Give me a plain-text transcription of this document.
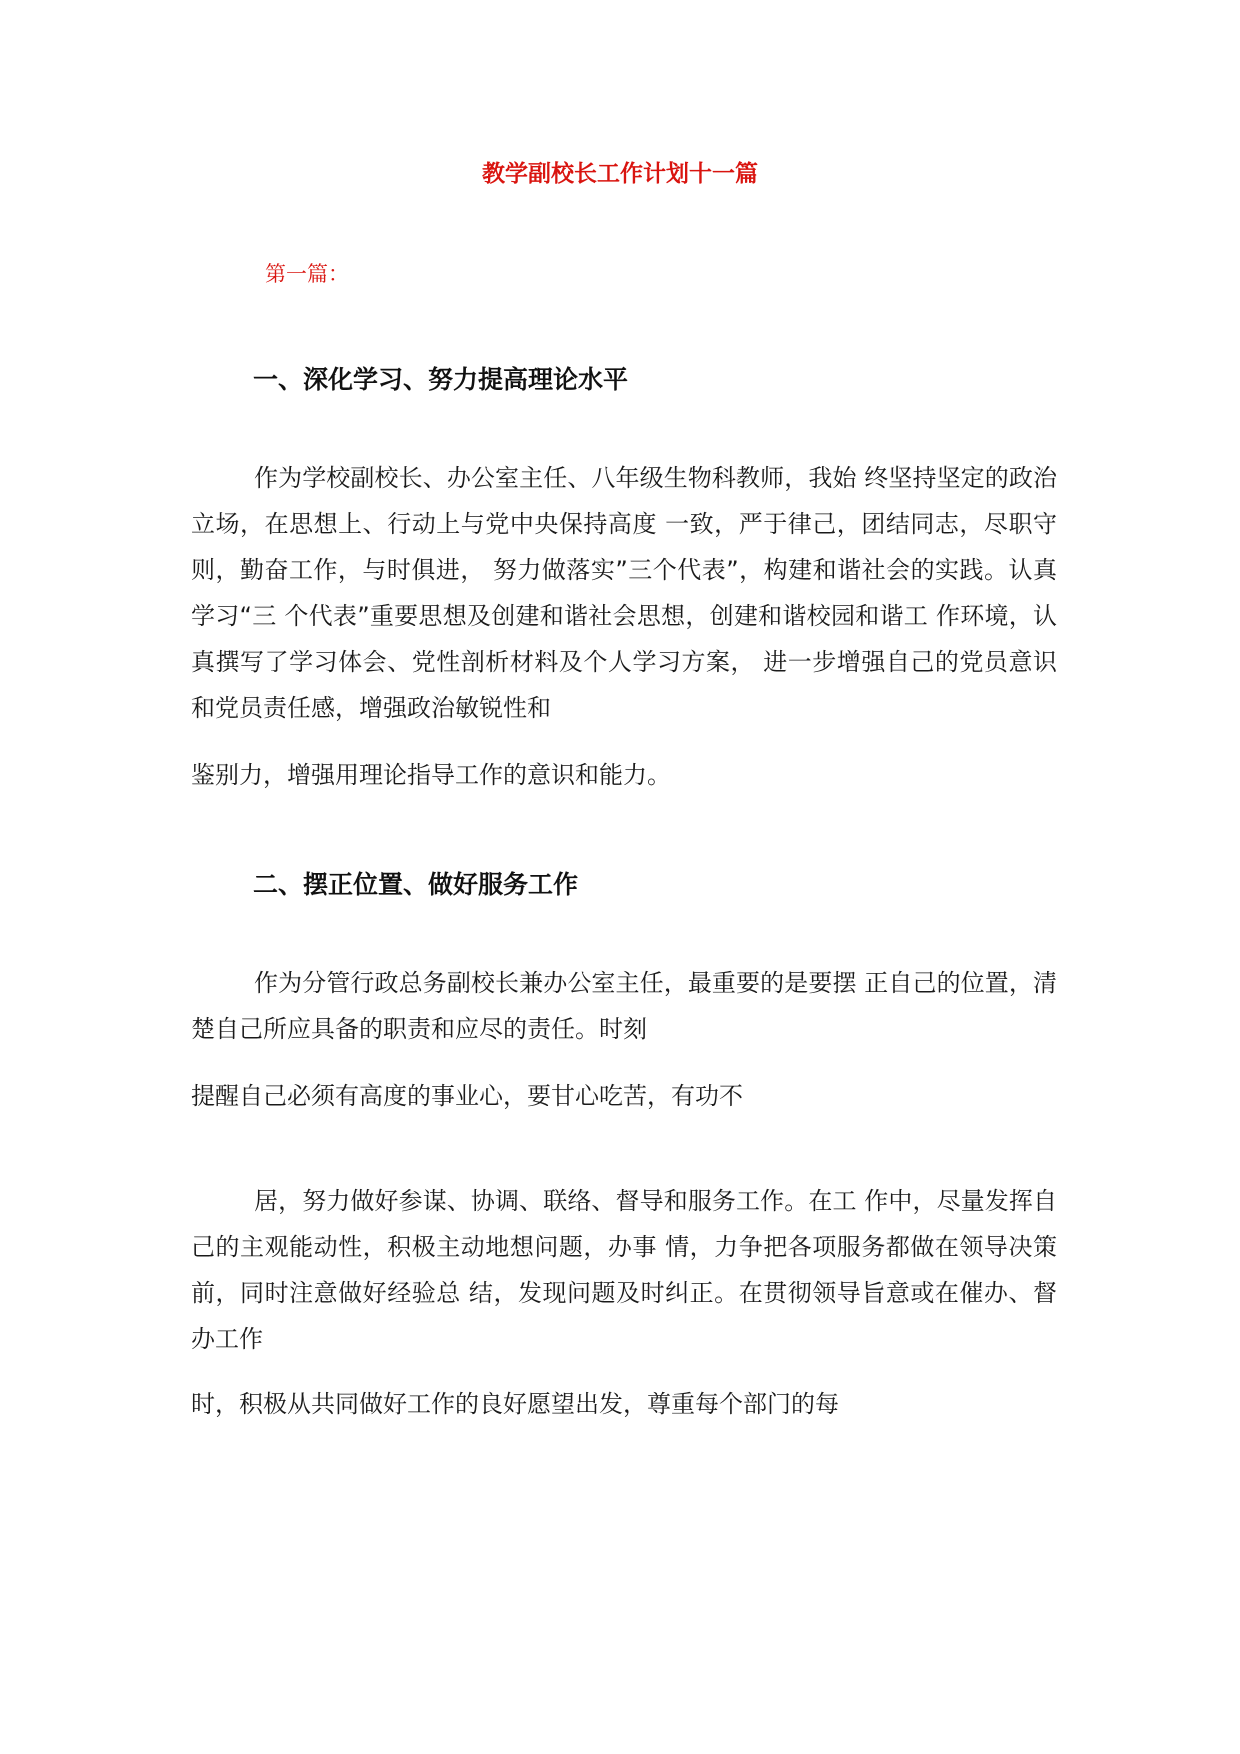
教学副校长工作计划十一篇

第一篇：

一、深化学习、努力提高理论水平

作为学校副校长、办公室主任、八年级生物科教师，我始 终坚持坚定的政治立场，在思想上、行动上与党中央保持高度 一致，严于律己，团结同志，尽职守则，勤奋工作，与时俱进， 努力做落实”三个代表”，构建和谐社会的实践。认真学习“三 个代表”重要思想及创建和谐社会思想，创建和谐校园和谐工 作环境，认真撰写了学习体会、党性剖析材料及个人学习方案， 进一步增强自己的党员意识和党员责任感，增强政治敏锐性和

鉴别力，增强用理论指导工作的意识和能力。

二、摆正位置、做好服务工作

作为分管行政总务副校长兼办公室主任，最重要的是要摆 正自己的位置，清楚自己所应具备的职责和应尽的责任。时刻

提醒自己必须有高度的事业心，要甘心吃苦，有功不

居，努力做好参谋、协调、联络、督导和服务工作。在工 作中，尽量发挥自己的主观能动性，积极主动地想问题，办事 情，力争把各项服务都做在领导决策前，同时注意做好经验总 结，发现问题及时纠正。在贯彻领导旨意或在催办、督办工作

时，积极从共同做好工作的良好愿望出发，尊重每个部门的每
